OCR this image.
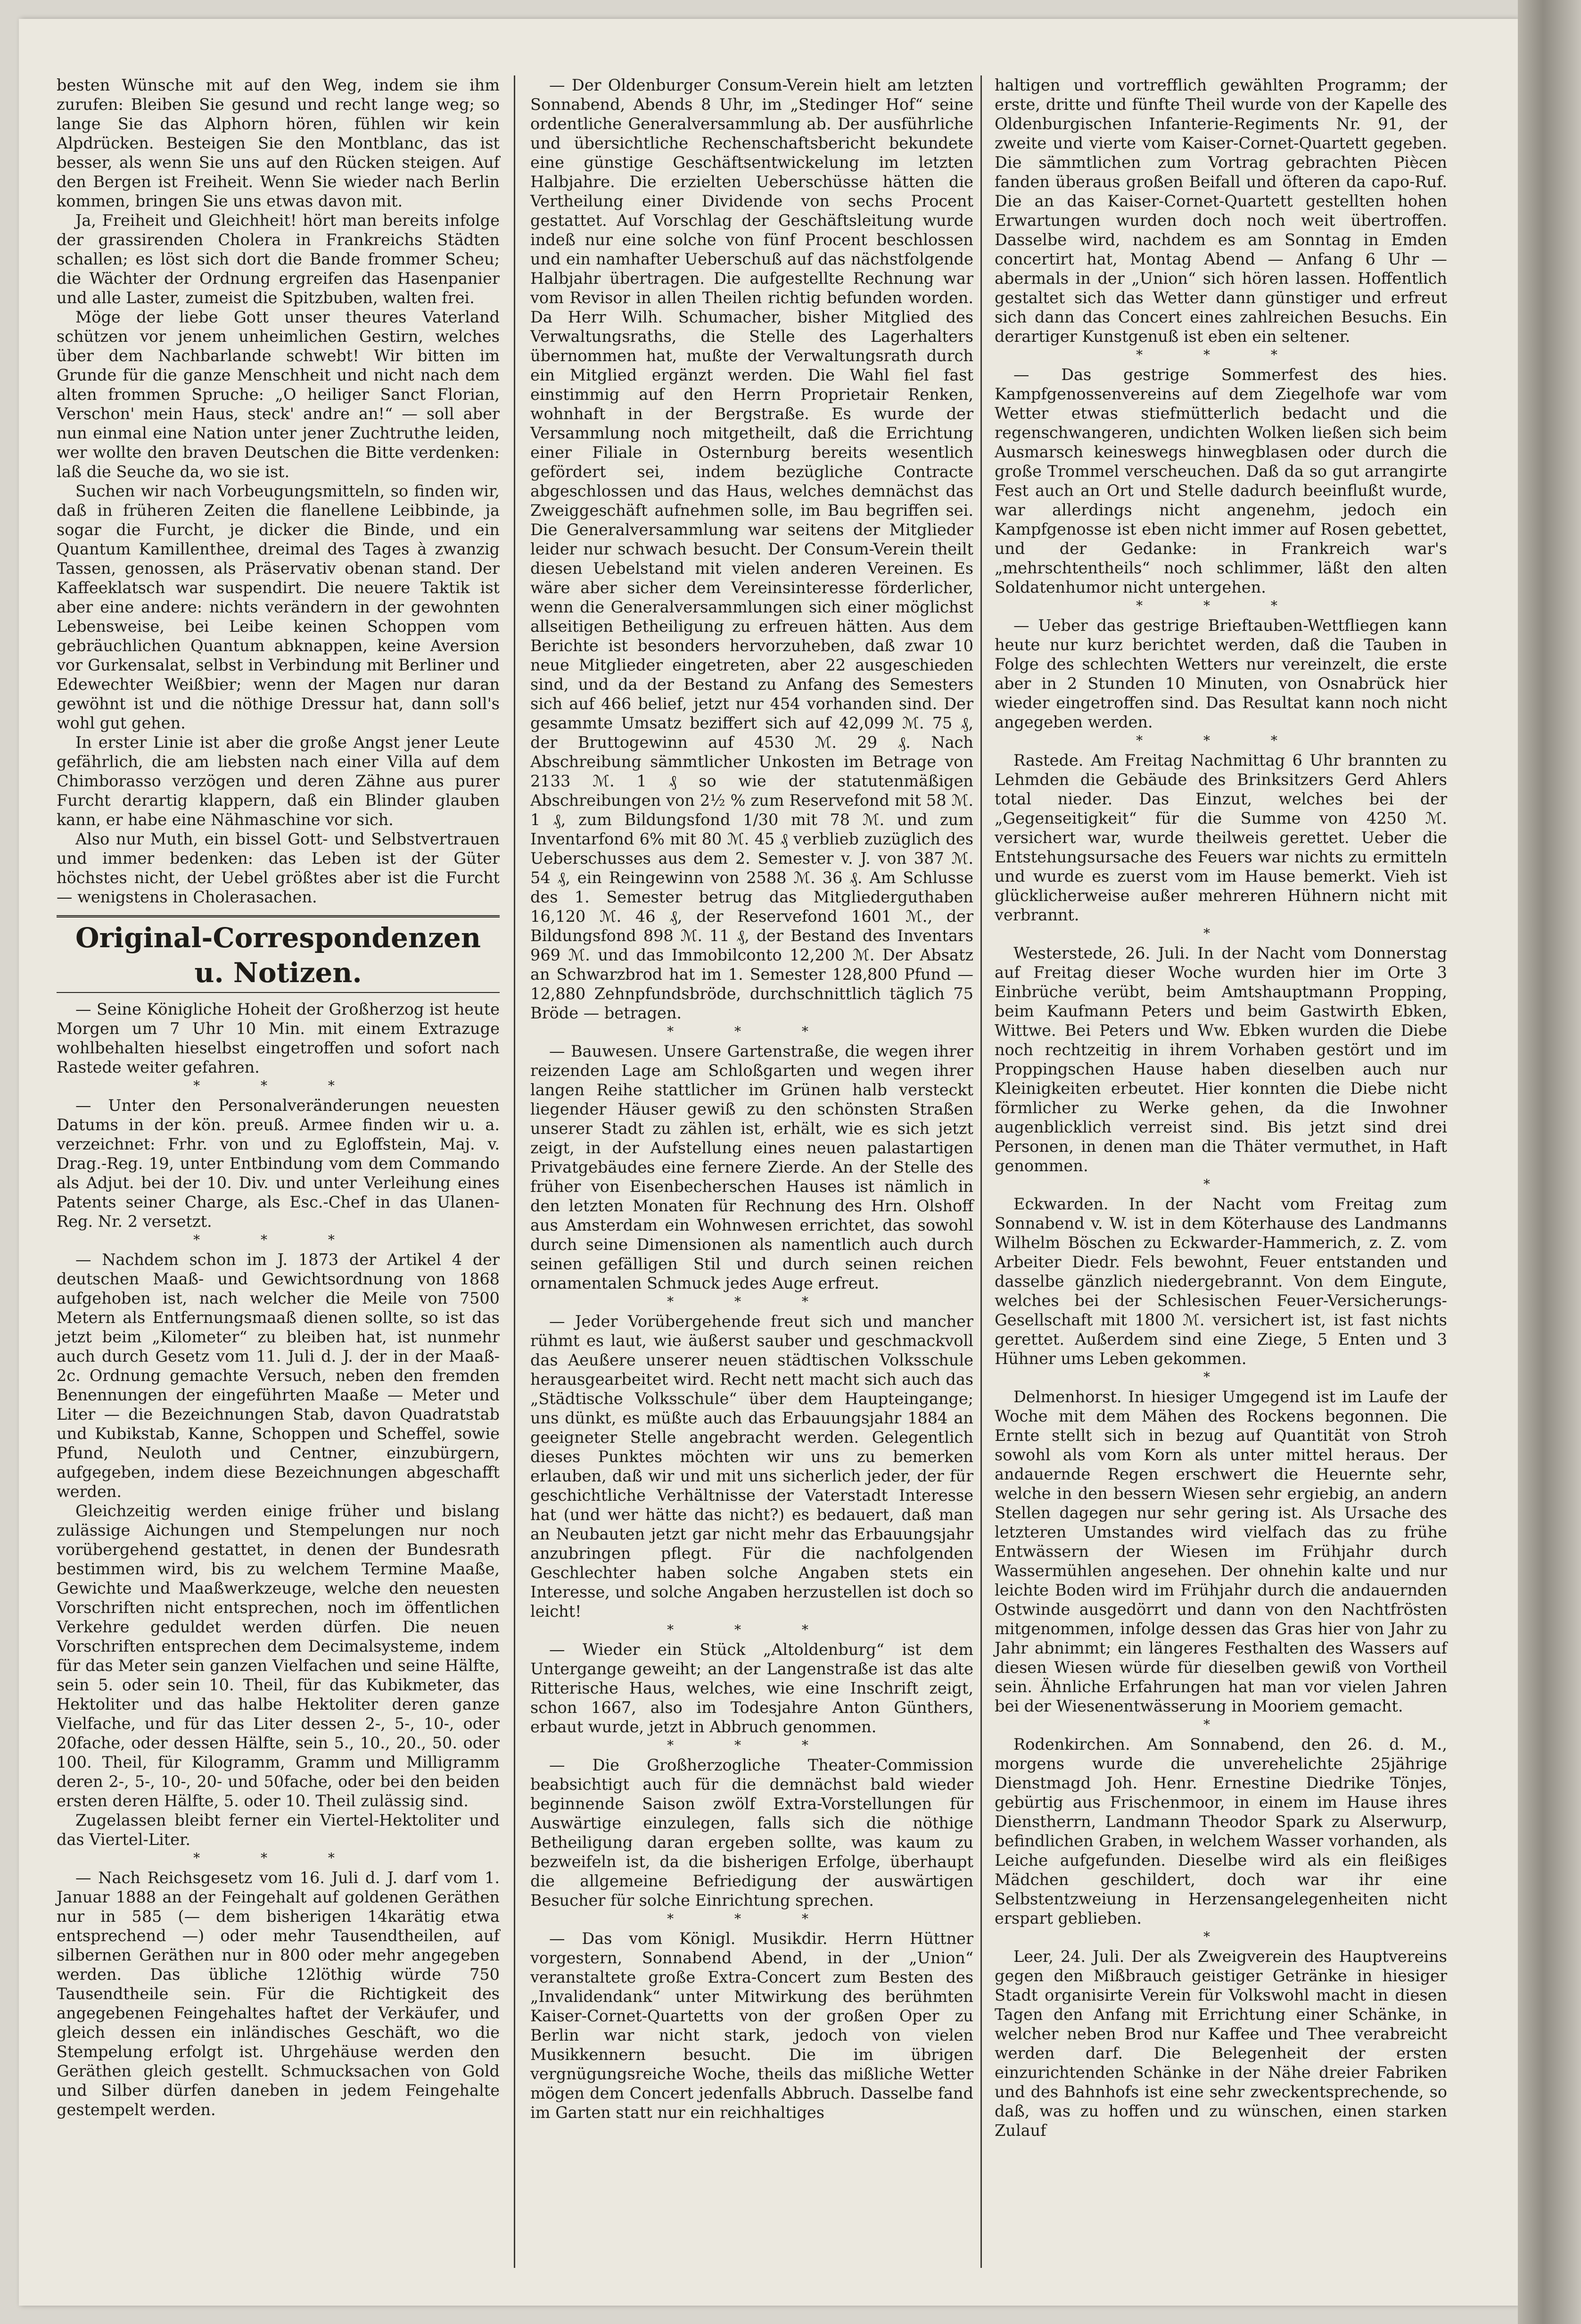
besten Wünsche mit auf den Weg, indem sie ihm zurufen: Bleiben Sie gesund und recht lange weg; so lange Sie das Alphorn hören, fühlen wir kein Alpdrücken. Besteigen Sie den Montblanc, das ist besser, als wenn Sie uns auf den Rücken steigen. Auf den Bergen ist Freiheit. Wenn Sie wieder nach Berlin kommen, bringen Sie uns etwas davon mit.

Ja, Freiheit und Gleichheit! hört man bereits infolge der grassirenden Cholera in Frankreichs Städten schallen; es löst sich dort die Bande frommer Scheu; die Wächter der Ordnung ergreifen das Hasenpanier und alle Laster, zumeist die Spitzbuben, walten frei.

Möge der liebe Gott unser theures Vaterland schützen vor jenem unheimlichen Gestirn, welches über dem Nachbarlande schwebt! Wir bitten im Grunde für die ganze Menschheit und nicht nach dem alten frommen Spruche: „O heiliger Sanct Florian, Verschon' mein Haus, steck' andre an!“ — soll aber nun einmal eine Nation unter jener Zuchtruthe leiden, wer wollte den braven Deutschen die Bitte verdenken: laß die Seuche da, wo sie ist.

Suchen wir nach Vorbeugungsmitteln, so finden wir, daß in früheren Zeiten die flanellene Leibbinde, ja sogar die Furcht, je dicker die Binde, und ein Quantum Kamillenthee, dreimal des Tages à zwanzig Tassen, genossen, als Präservativ obenan stand. Der Kaffeeklatsch war suspendirt. Die neuere Taktik ist aber eine andere: nichts verändern in der gewohnten Lebensweise, bei Leibe keinen Schoppen vom gebräuchlichen Quantum abknappen, keine Aversion vor Gurkensalat, selbst in Verbindung mit Berliner und Edewechter Weißbier; wenn der Magen nur daran gewöhnt ist und die nöthige Dressur hat, dann soll's wohl gut gehen.

In erster Linie ist aber die große Angst jener Leute gefährlich, die am liebsten nach einer Villa auf dem Chimborasso verzögen und deren Zähne aus purer Furcht derartig klappern, daß ein Blinder glauben kann, er habe eine Nähmaschine vor sich.

Also nur Muth, ein bissel Gott- und Selbstvertrauen und immer bedenken: das Leben ist der Güter höchstes nicht, der Uebel größtes aber ist die Furcht — wenigstens in Cholerasachen.

Original-Correspondenzen u. Notizen.

— Seine Königliche Hoheit der Großherzog ist heute Morgen um 7 Uhr 10 Min. mit einem Extrazuge wohlbehalten hieselbst eingetroffen und sofort nach Rastede weiter gefahren.

* * *

— Unter den Personalveränderungen neuesten Datums in der kön. preuß. Armee finden wir u. a. verzeichnet: Frhr. von und zu Egloffstein, Maj. v. Drag.-Reg. 19, unter Entbindung vom dem Commando als Adjut. bei der 10. Div. und unter Verleihung eines Patents seiner Charge, als Esc.-Chef in das Ulanen-Reg. Nr. 2 versetzt.

* * *

— Nachdem schon im J. 1873 der Artikel 4 der deutschen Maaß- und Gewichtsordnung von 1868 aufgehoben ist, nach welcher die Meile von 7500 Metern als Entfernungsmaaß dienen sollte, so ist das jetzt beim „Kilometer“ zu bleiben hat, ist nunmehr auch durch Gesetz vom 11. Juli d. J. der in der Maaß- 2c. Ordnung gemachte Versuch, neben den fremden Benennungen der eingeführten Maaße — Meter und Liter — die Bezeichnungen Stab, davon Quadratstab und Kubikstab, Kanne, Schoppen und Scheffel, sowie Pfund, Neuloth und Centner, einzubürgern, aufgegeben, indem diese Bezeichnungen abgeschafft werden.

Gleichzeitig werden einige früher und bislang zulässige Aichungen und Stempelungen nur noch vorübergehend gestattet, in denen der Bundesrath bestimmen wird, bis zu welchem Termine Maaße, Gewichte und Maaßwerkzeuge, welche den neuesten Vorschriften nicht entsprechen, noch im öffentlichen Verkehre geduldet werden dürfen. Die neuen Vorschriften entsprechen dem Decimalsysteme, indem für das Meter sein ganzen Vielfachen und seine Hälfte, sein 5. oder sein 10. Theil, für das Kubikmeter, das Hektoliter und das halbe Hektoliter deren ganze Vielfache, und für das Liter dessen 2-, 5-, 10-, oder 20fache, oder dessen Hälfte, sein 5., 10., 20., 50. oder 100. Theil, für Kilogramm, Gramm und Milligramm deren 2-, 5-, 10-, 20- und 50fache, oder bei den beiden ersten deren Hälfte, 5. oder 10. Theil zulässig sind.

Zugelassen bleibt ferner ein Viertel-Hektoliter und das Viertel-Liter.

* * *

— Nach Reichsgesetz vom 16. Juli d. J. darf vom 1. Januar 1888 an der Feingehalt auf goldenen Geräthen nur in 585 (— dem bisherigen 14karätig etwa entsprechend —) oder mehr Tausendtheilen, auf silbernen Geräthen nur in 800 oder mehr angegeben werden. Das übliche 12löthig würde 750 Tausendtheile sein. Für die Richtigkeit des angegebenen Feingehaltes haftet der Verkäufer, und gleich dessen ein inländisches Geschäft, wo die Stempelung erfolgt ist. Uhrgehäuse werden den Geräthen gleich gestellt. Schmucksachen von Gold und Silber dürfen daneben in jedem Feingehalte gestempelt werden.

— Der Oldenburger Consum-Verein hielt am letzten Sonnabend, Abends 8 Uhr, im „Stedinger Hof“ seine ordentliche Generalversammlung ab. Der ausführliche und übersichtliche Rechenschaftsbericht bekundete eine günstige Geschäftsentwickelung im letzten Halbjahre. Die erzielten Ueberschüsse hätten die Vertheilung einer Dividende von sechs Procent gestattet. Auf Vorschlag der Geschäftsleitung wurde indeß nur eine solche von fünf Procent beschlossen und ein namhafter Ueberschuß auf das nächstfolgende Halbjahr übertragen. Die aufgestellte Rechnung war vom Revisor in allen Theilen richtig befunden worden. Da Herr Wilh. Schumacher, bisher Mitglied des Verwaltungsraths, die Stelle des Lagerhalters übernommen hat, mußte der Verwaltungsrath durch ein Mitglied ergänzt werden. Die Wahl fiel fast einstimmig auf den Herrn Proprietair Renken, wohnhaft in der Bergstraße. Es wurde der Versammlung noch mitgetheilt, daß die Errichtung einer Filiale in Osternburg bereits wesentlich gefördert sei, indem bezügliche Contracte abgeschlossen und das Haus, welches demnächst das Zweiggeschäft aufnehmen solle, im Bau begriffen sei. Die Generalversammlung war seitens der Mitglieder leider nur schwach besucht. Der Consum-Verein theilt diesen Uebelstand mit vielen anderen Vereinen. Es wäre aber sicher dem Vereinsinteresse förderlicher, wenn die Generalversammlungen sich einer möglichst allseitigen Betheiligung zu erfreuen hätten. Aus dem Berichte ist besonders hervorzuheben, daß zwar 10 neue Mitglieder eingetreten, aber 22 ausgeschieden sind, und da der Bestand zu Anfang des Semesters sich auf 466 belief, jetzt nur 454 vorhanden sind. Der gesammte Umsatz beziffert sich auf 42,099 ℳ. 75 ₰, der Bruttogewinn auf 4530 ℳ. 29 ₰. Nach Abschreibung sämmtlicher Unkosten im Betrage von 2133 ℳ. 1 ₰ so wie der statutenmäßigen Abschreibungen von 2½ % zum Reservefond mit 58 ℳ. 1 ₰, zum Bildungsfond 1/30 mit 78 ℳ. und zum Inventarfond 6% mit 80 ℳ. 45 ₰ verblieb zuzüglich des Ueberschusses aus dem 2. Semester v. J. von 387 ℳ. 54 ₰, ein Reingewinn von 2588 ℳ. 36 ₰. Am Schlusse des 1. Semester betrug das Mitgliederguthaben 16,120 ℳ. 46 ₰, der Reservefond 1601 ℳ., der Bildungsfond 898 ℳ. 11 ₰, der Bestand des Inventars 969 ℳ. und das Immobilconto 12,200 ℳ. Der Absatz an Schwarzbrod hat im 1. Semester 128,800 Pfund — 12,880 Zehnpfundsbröde, durchschnittlich täglich 75 Bröde — betragen.

* * *

— Bauwesen. Unsere Gartenstraße, die wegen ihrer reizenden Lage am Schloßgarten und wegen ihrer langen Reihe stattlicher im Grünen halb versteckt liegender Häuser gewiß zu den schönsten Straßen unserer Stadt zu zählen ist, erhält, wie es sich jetzt zeigt, in der Aufstellung eines neuen palastartigen Privatgebäudes eine fernere Zierde. An der Stelle des früher von Eisenbecherschen Hauses ist nämlich in den letzten Monaten für Rechnung des Hrn. Olshoff aus Amsterdam ein Wohnwesen errichtet, das sowohl durch seine Dimensionen als namentlich auch durch seinen gefälligen Stil und durch seinen reichen ornamentalen Schmuck jedes Auge erfreut.

* * *

— Jeder Vorübergehende freut sich und mancher rühmt es laut, wie äußerst sauber und geschmackvoll das Aeußere unserer neuen städtischen Volksschule herausgearbeitet wird. Recht nett macht sich auch das „Städtische Volksschule“ über dem Haupteingange; uns dünkt, es müßte auch das Erbauungsjahr 1884 an geeigneter Stelle angebracht werden. Gelegentlich dieses Punktes möchten wir uns zu bemerken erlauben, daß wir und mit uns sicherlich jeder, der für geschichtliche Verhältnisse der Vaterstadt Interesse hat (und wer hätte das nicht?) es bedauert, daß man an Neubauten jetzt gar nicht mehr das Erbauungsjahr anzubringen pflegt. Für die nachfolgenden Geschlechter haben solche Angaben stets ein Interesse, und solche Angaben herzustellen ist doch so leicht!

* * *

— Wieder ein Stück „Altoldenburg“ ist dem Untergange geweiht; an der Langenstraße ist das alte Ritterische Haus, welches, wie eine Inschrift zeigt, schon 1667, also im Todesjahre Anton Günthers, erbaut wurde, jetzt in Abbruch genommen.

* * *

— Die Großherzogliche Theater-Commission beabsichtigt auch für die demnächst bald wieder beginnende Saison zwölf Extra-Vorstellungen für Auswärtige einzulegen, falls sich die nöthige Betheiligung daran ergeben sollte, was kaum zu bezweifeln ist, da die bisherigen Erfolge, überhaupt die allgemeine Befriedigung der auswärtigen Besucher für solche Einrichtung sprechen.

* * *

— Das vom Königl. Musikdir. Herrn Hüttner vorgestern, Sonnabend Abend, in der „Union“ veranstaltete große Extra-Concert zum Besten des „Invalidendank“ unter Mitwirkung des berühmten Kaiser-Cornet-Quartetts von der großen Oper zu Berlin war nicht stark, jedoch von vielen Musikkennern besucht. Die im übrigen vergnügungsreiche Woche, theils das mißliche Wetter mögen dem Concert jedenfalls Abbruch. Dasselbe fand im Garten statt nur ein reichhaltiges

haltigen und vortrefflich gewählten Programm; der erste, dritte und fünfte Theil wurde von der Kapelle des Oldenburgischen Infanterie-Regiments Nr. 91, der zweite und vierte vom Kaiser-Cornet-Quartett gegeben. Die sämmtlichen zum Vortrag gebrachten Piècen fanden überaus großen Beifall und öfteren da capo-Ruf. Die an das Kaiser-Cornet-Quartett gestellten hohen Erwartungen wurden doch noch weit übertroffen. Dasselbe wird, nachdem es am Sonntag in Emden concertirt hat, Montag Abend — Anfang 6 Uhr — abermals in der „Union“ sich hören lassen. Hoffentlich gestaltet sich das Wetter dann günstiger und erfreut sich dann das Concert eines zahlreichen Besuchs. Ein derartiger Kunstgenuß ist eben ein seltener.

* * *

— Das gestrige Sommerfest des hies. Kampfgenossenvereins auf dem Ziegelhofe war vom Wetter etwas stiefmütterlich bedacht und die regenschwangeren, undichten Wolken ließen sich beim Ausmarsch keineswegs hinwegblasen oder durch die große Trommel verscheuchen. Daß da so gut arrangirte Fest auch an Ort und Stelle dadurch beeinflußt wurde, war allerdings nicht angenehm, jedoch ein Kampfgenosse ist eben nicht immer auf Rosen gebettet, und der Gedanke: in Frankreich war's „mehrschtentheils“ noch schlimmer, läßt den alten Soldatenhumor nicht untergehen.

* * *

— Ueber das gestrige Brieftauben-Wettfliegen kann heute nur kurz berichtet werden, daß die Tauben in Folge des schlechten Wetters nur vereinzelt, die erste aber in 2 Stunden 10 Minuten, von Osnabrück hier wieder eingetroffen sind. Das Resultat kann noch nicht angegeben werden.

* * *

Rastede. Am Freitag Nachmittag 6 Uhr brannten zu Lehmden die Gebäude des Brinksitzers Gerd Ahlers total nieder. Das Einzut, welches bei der „Gegenseitigkeit“ für die Summe von 4250 ℳ. versichert war, wurde theilweis gerettet. Ueber die Entstehungsursache des Feuers war nichts zu ermitteln und wurde es zuerst vom im Hause bemerkt. Vieh ist glücklicherweise außer mehreren Hühnern nicht mit verbrannt.

*

Westerstede, 26. Juli. In der Nacht vom Donnerstag auf Freitag dieser Woche wurden hier im Orte 3 Einbrüche verübt, beim Amtshauptmann Propping, beim Kaufmann Peters und beim Gastwirth Ebken, Wittwe. Bei Peters und Ww. Ebken wurden die Diebe noch rechtzeitig in ihrem Vorhaben gestört und im Proppingschen Hause haben dieselben auch nur Kleinigkeiten erbeutet. Hier konnten die Diebe nicht förmlicher zu Werke gehen, da die Inwohner augenblicklich verreist sind. Bis jetzt sind drei Personen, in denen man die Thäter vermuthet, in Haft genommen.

*

Eckwarden. In der Nacht vom Freitag zum Sonnabend v. W. ist in dem Köterhause des Landmanns Wilhelm Böschen zu Eckwarder-Hammerich, z. Z. vom Arbeiter Diedr. Fels bewohnt, Feuer entstanden und dasselbe gänzlich niedergebrannt. Von dem Eingute, welches bei der Schlesischen Feuer-Versicherungs-Gesellschaft mit 1800 ℳ. versichert ist, ist fast nichts gerettet. Außerdem sind eine Ziege, 5 Enten und 3 Hühner ums Leben gekommen.

*

Delmenhorst. In hiesiger Umgegend ist im Laufe der Woche mit dem Mähen des Rockens begonnen. Die Ernte stellt sich in bezug auf Quantität von Stroh sowohl als vom Korn als unter mittel heraus. Der andauernde Regen erschwert die Heuernte sehr, welche in den bessern Wiesen sehr ergiebig, an andern Stellen dagegen nur sehr gering ist. Als Ursache des letzteren Umstandes wird vielfach das zu frühe Entwässern der Wiesen im Frühjahr durch Wassermühlen angesehen. Der ohnehin kalte und nur leichte Boden wird im Frühjahr durch die andauernden Ostwinde ausgedörrt und dann von den Nachtfrösten mitgenommen, infolge dessen das Gras hier von Jahr zu Jahr abnimmt; ein längeres Festhalten des Wassers auf diesen Wiesen würde für dieselben gewiß von Vortheil sein. Ähnliche Erfahrungen hat man vor vielen Jahren bei der Wiesenentwässerung in Mooriem gemacht.

*

Rodenkirchen. Am Sonnabend, den 26. d. M., morgens wurde die unverehelichte 25jährige Dienstmagd Joh. Henr. Ernestine Diedrike Tönjes, gebürtig aus Frischenmoor, in einem im Hause ihres Dienstherrn, Landmann Theodor Spark zu Alserwurp, befindlichen Graben, in welchem Wasser vorhanden, als Leiche aufgefunden. Dieselbe wird als ein fleißiges Mädchen geschildert, doch war ihr eine Selbstentzweiung in Herzensangelegenheiten nicht erspart geblieben.

*

Leer, 24. Juli. Der als Zweigverein des Hauptvereins gegen den Mißbrauch geistiger Getränke in hiesiger Stadt organisirte Verein für Volkswohl macht in diesen Tagen den Anfang mit Errichtung einer Schänke, in welcher neben Brod nur Kaffee und Thee verabreicht werden darf. Die Belegenheit der ersten einzurichtenden Schänke in der Nähe dreier Fabriken und des Bahnhofs ist eine sehr zweckentsprechende, so daß, was zu hoffen und zu wünschen, einen starken Zulauf
